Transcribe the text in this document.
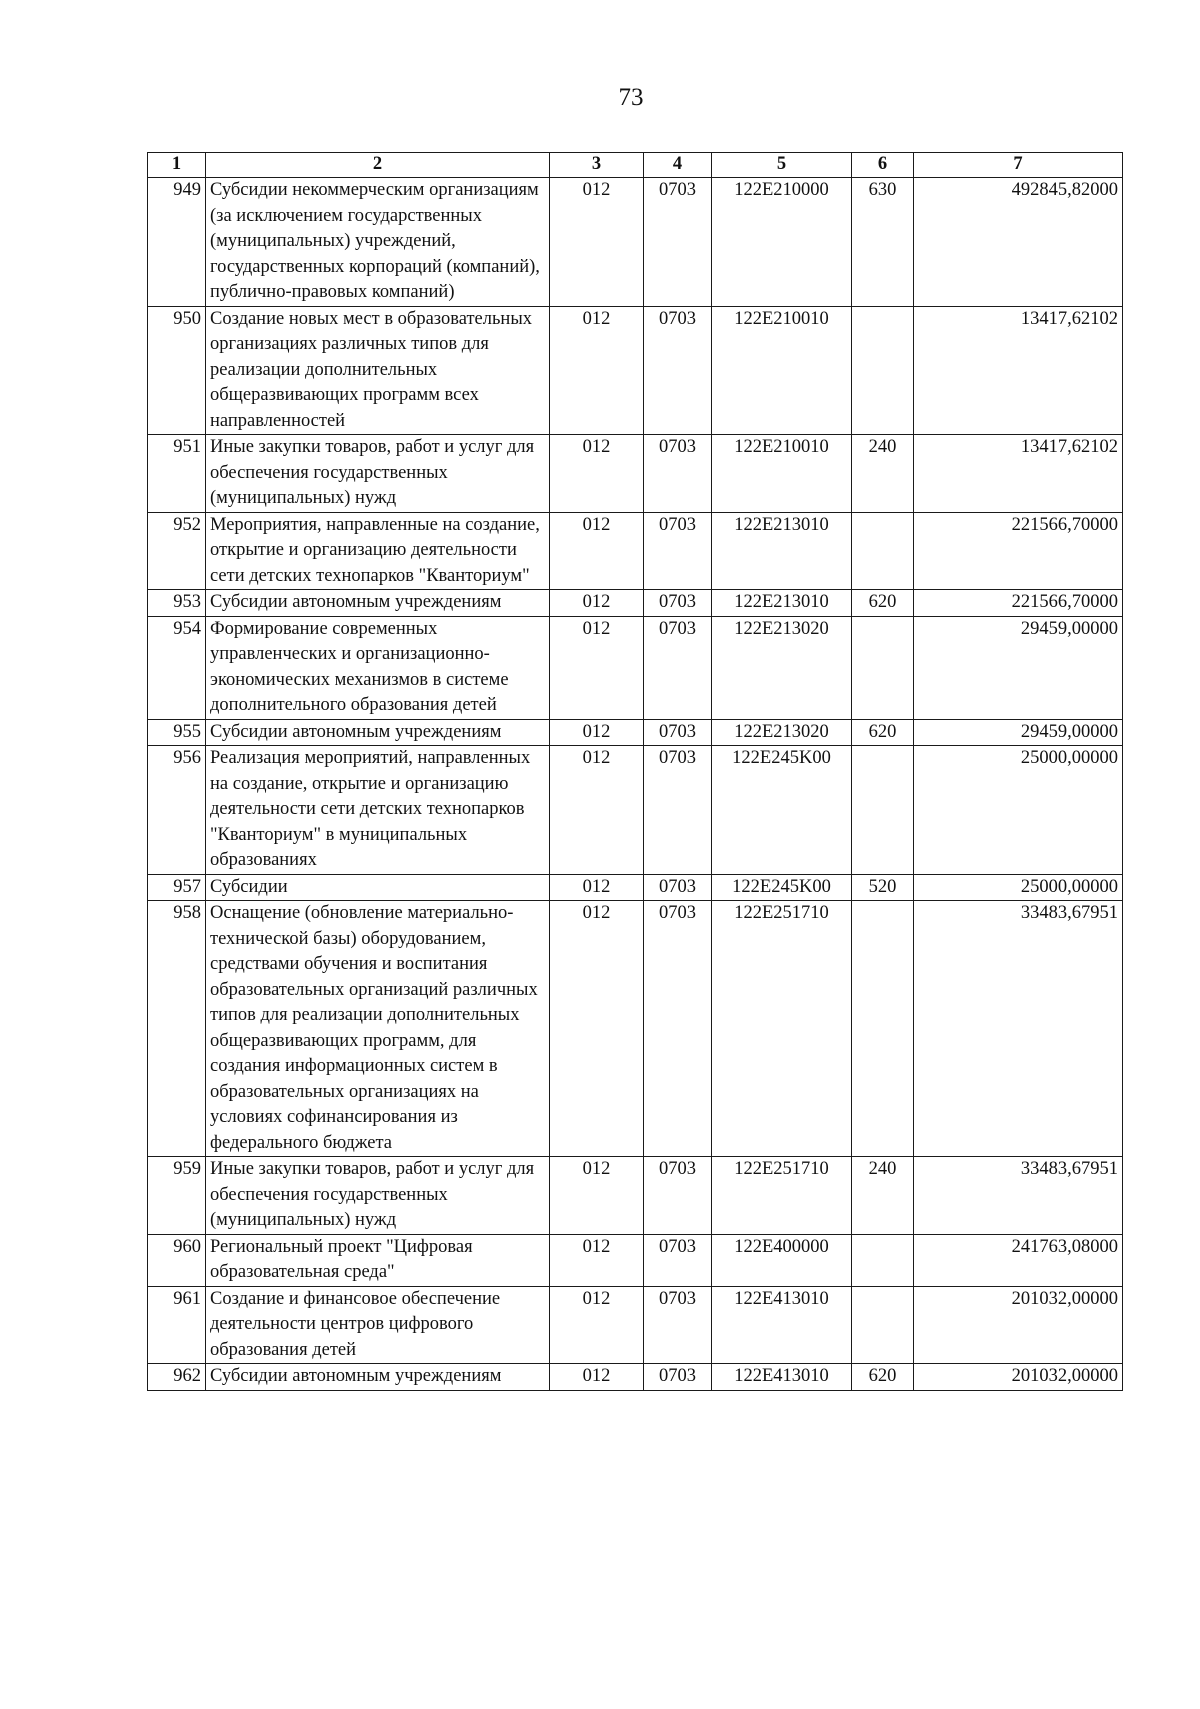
73
1	2	3	4	5	6	7
949	Субсидии некоммерческим организациям (за исключением государственных (муниципальных) учреждений, государственных корпораций (компаний), публично-правовых компаний)	012	0703	122E210000	630	492845,82000
950	Создание новых мест в образовательных организациях различных типов для реализации дополнительных общеразвивающих программ всех направленностей	012	0703	122E210010		13417,62102
951	Иные закупки товаров, работ и услуг для обеспечения государственных (муниципальных) нужд	012	0703	122E210010	240	13417,62102
952	Мероприятия, направленные на создание, открытие и организацию деятельности сети детских технопарков "Кванториум"	012	0703	122E213010		221566,70000
953	Субсидии автономным учреждениям	012	0703	122E213010	620	221566,70000
954	Формирование современных управленческих и организационно-экономических механизмов в системе дополнительного образования детей	012	0703	122E213020		29459,00000
955	Субсидии автономным учреждениям	012	0703	122E213020	620	29459,00000
956	Реализация мероприятий, направленных на создание, открытие и организацию деятельности сети детских технопарков "Кванториум" в муниципальных образованиях	012	0703	122E245K00		25000,00000
957	Субсидии	012	0703	122E245K00	520	25000,00000
958	Оснащение (обновление материально-технической базы) оборудованием, средствами обучения и воспитания образовательных организаций различных типов для реализации дополнительных общеразвивающих программ, для создания информационных систем в образовательных организациях на условиях софинансирования из федерального бюджета	012	0703	122E251710		33483,67951
959	Иные закупки товаров, работ и услуг для обеспечения государственных (муниципальных) нужд	012	0703	122E251710	240	33483,67951
960	Региональный проект "Цифровая образовательная среда"	012	0703	122E400000		241763,08000
961	Создание и финансовое обеспечение деятельности центров цифрового образования детей	012	0703	122E413010		201032,00000
962	Субсидии автономным учреждениям	012	0703	122E413010	620	201032,00000
